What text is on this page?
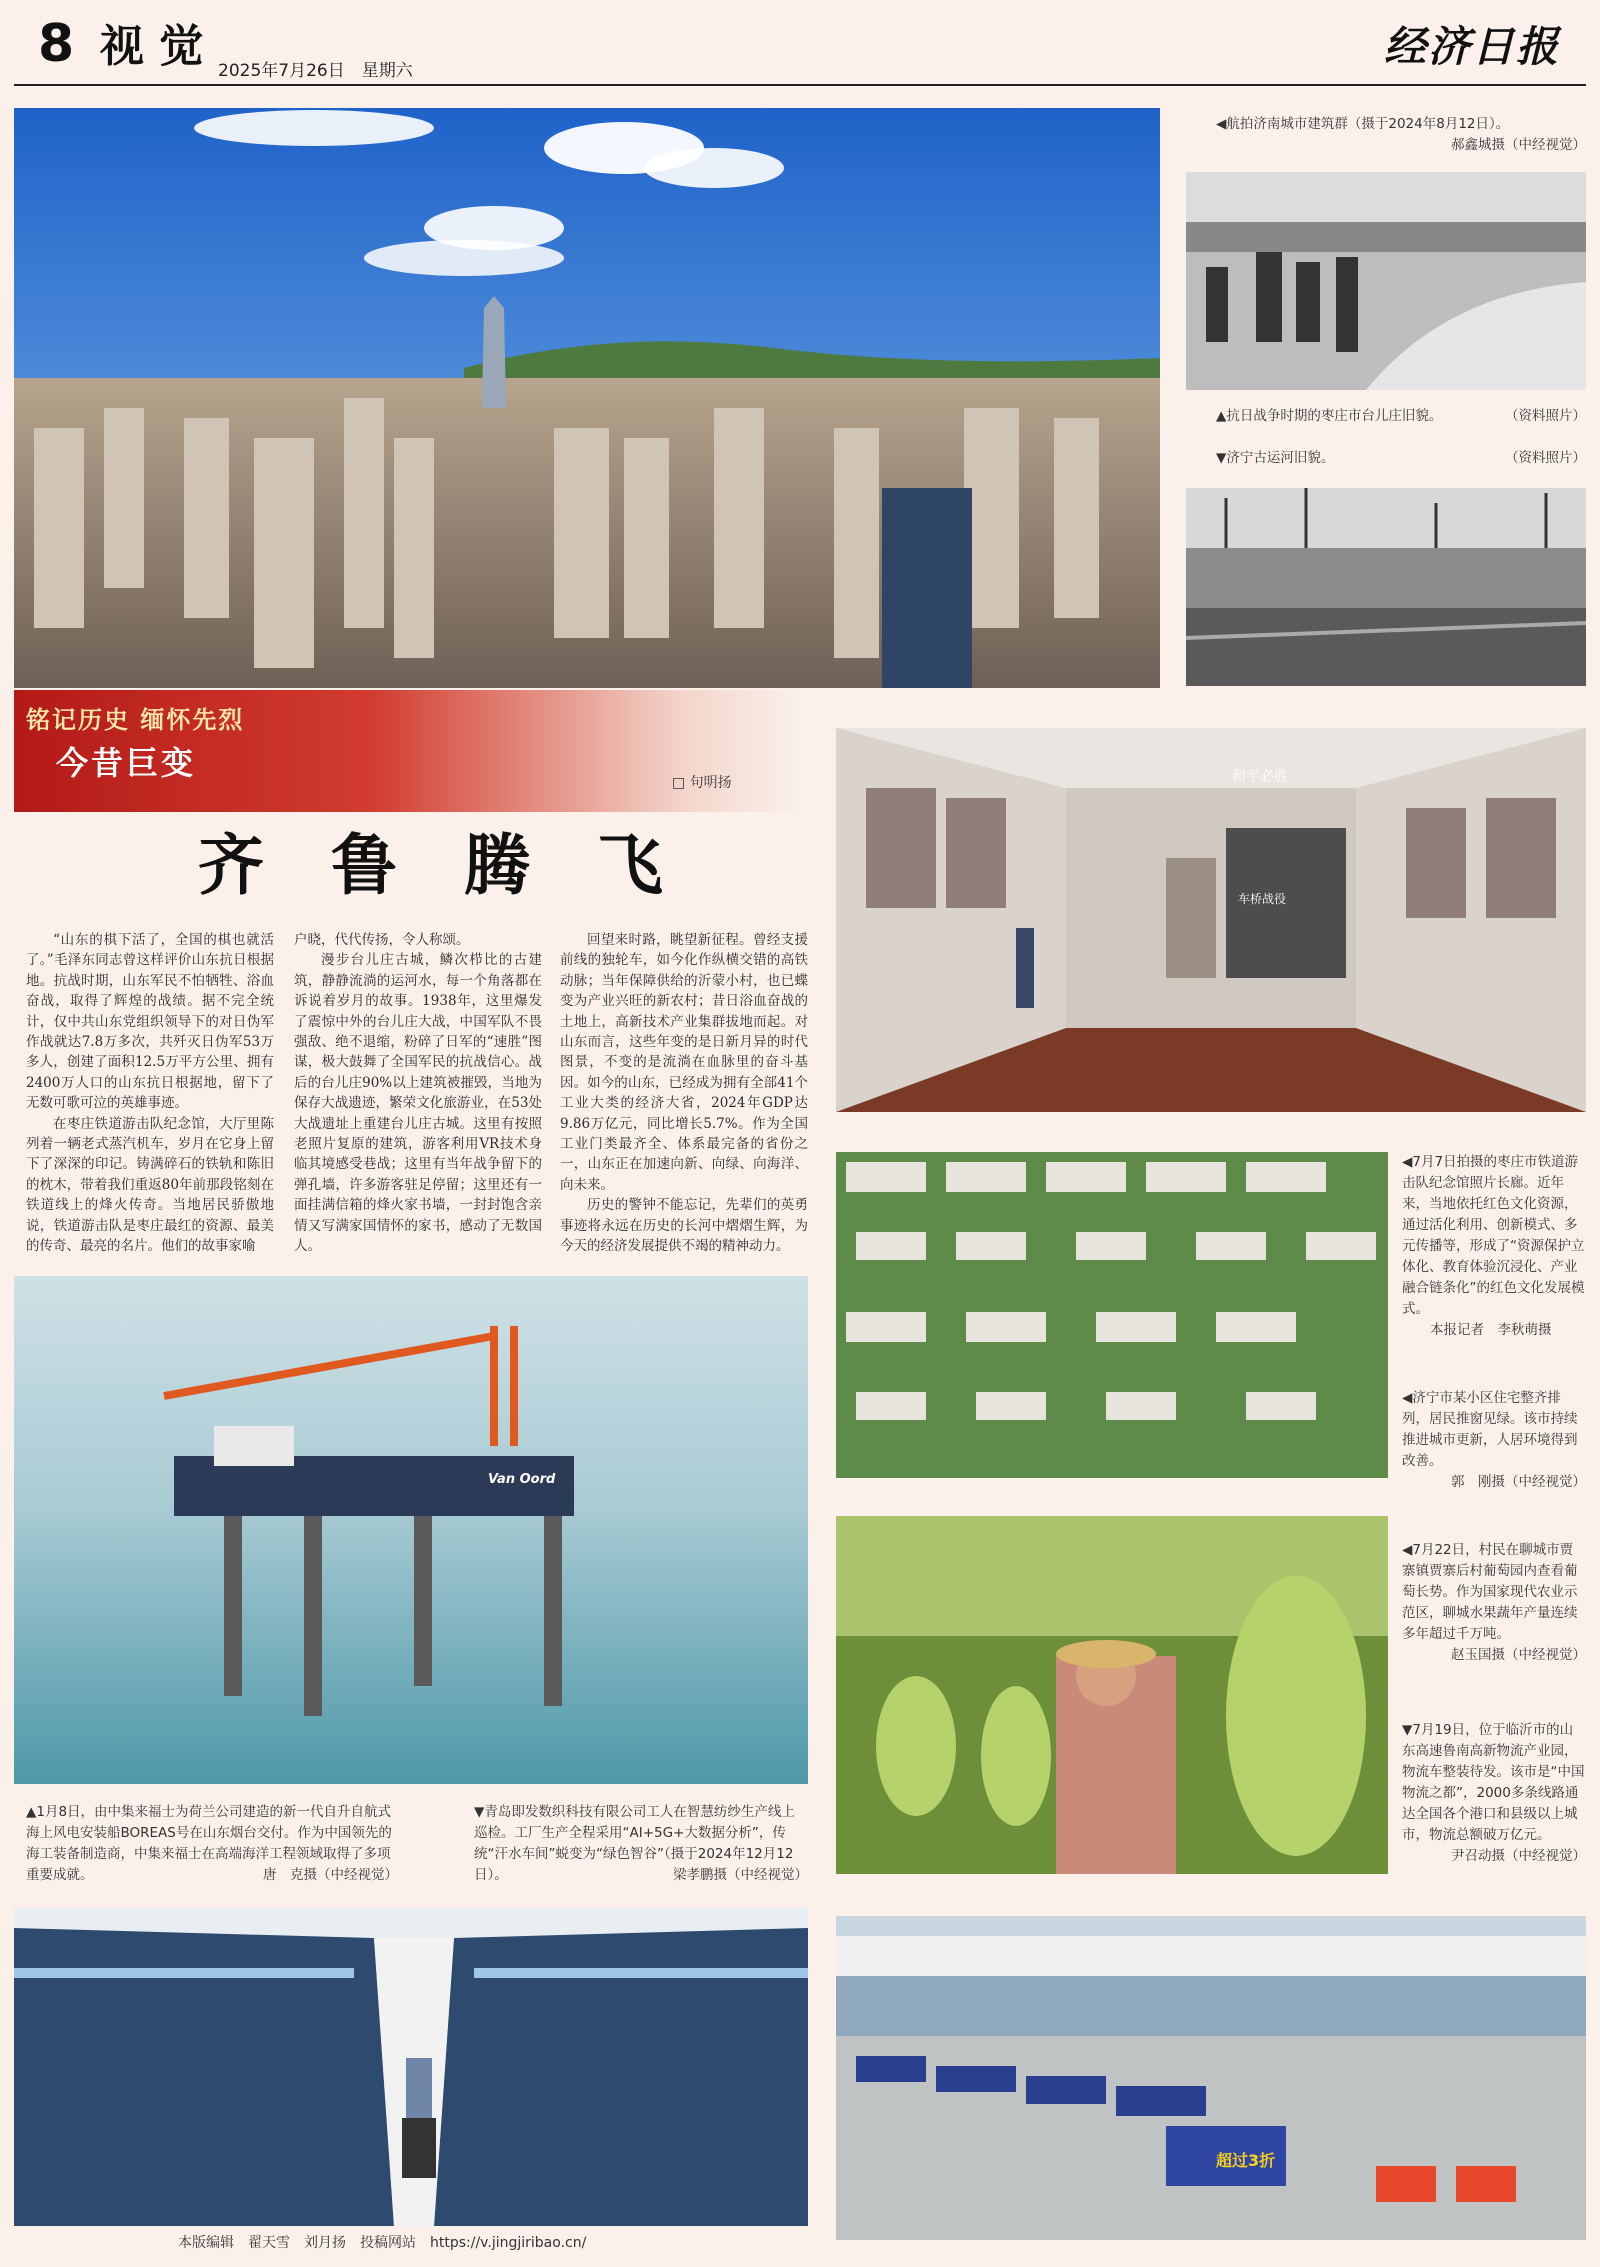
8 视 觉 2025年7月26日　 星期六	经济日报
◀航拍济南城市建筑群（摄于2024年8月12日）。
郝鑫城摄（中经视觉）
▲抗日战争时期的枣庄市台儿庄旧貌。	（资料照片）
▼济宁古运河旧貌。	（资料照片）
铭记历史 缅怀先烈
今昔巨变
□ 句明扬
齐 鲁 腾 飞

“山东的棋下活了，全国的棋也就活了。”毛泽东同志曾这样评价山东抗日根据地。抗战时期，山东军民不怕牺牲、浴血奋战，取得了辉煌的战绩。据不完全统计，仅中共山东党组织领导下的对日伪军作战就达7.8万多次，共歼灭日伪军53万多人，创建了面积12.5万平方公里、拥有2400万人口的山东抗日根据地，留下了无数可歌可泣的英雄事迹。

在枣庄铁道游击队纪念馆，大厅里陈列着一辆老式蒸汽机车，岁月在它身上留下了深深的印记。铸满碎石的铁轨和陈旧的枕木，带着我们重返80年前那段铭刻在铁道线上的烽火传奇。当地居民骄傲地说，铁道游击队是枣庄最红的资源、最美的传奇、最亮的名片。他们的故事家喻

户晓，代代传扬，令人称颂。

漫步台儿庄古城，鳞次栉比的古建筑，静静流淌的运河水，每一个角落都在诉说着岁月的故事。1938年，这里爆发了震惊中外的台儿庄大战，中国军队不畏强敌、绝不退缩，粉碎了日军的“速胜”图谋，极大鼓舞了全国军民的抗战信心。战后的台儿庄90%以上建筑被摧毁，当地为保存大战遗迹，繁荣文化旅游业，在53处大战遗址上重建台儿庄古城。这里有按照老照片复原的建筑，游客利用VR技术身临其境感受巷战；这里有当年战争留下的弹孔墙，许多游客驻足停留；这里还有一面挂满信箱的烽火家书墙，一封封饱含亲情又写满家国情怀的家书，感动了无数国人。

回望来时路，眺望新征程。曾经支援前线的独轮车，如今化作纵横交错的高铁动脉；当年保障供给的沂蒙小村，也已蝶变为产业兴旺的新农村；昔日浴血奋战的土地上，高新技术产业集群拔地而起。对山东而言，这些年变的是日新月异的时代图景，不变的是流淌在血脉里的奋斗基因。如今的山东，已经成为拥有全部41个工业大类的经济大省，2024年GDP达9.86万亿元，同比增长5.7%。作为全国工业门类最齐全、体系最完备的省份之一，山东正在加速向新、向绿、向海洋、向未来。

历史的警钟不能忘记，先辈们的英勇事迹将永远在历史的长河中熠熠生辉，为今天的经济发展提供不竭的精神动力。

和平必胜
车桥战役
◀7月7日拍摄的枣庄市铁道游击队纪念馆照片长廊。近年来，当地依托红色文化资源，通过活化利用、创新模式、多元传播等，形成了“资源保护立体化、教育体验沉浸化、产业融合链条化”的红色文化发展模式。
本报记者　李秋萌摄
◀济宁市某小区住宅整齐排列，居民推窗见绿。该市持续推进城市更新，人居环境得到改善。
郭　刚摄（中经视觉）
Van Oord
◀7月22日，村民在聊城市贾寨镇贾寨后村葡萄园内查看葡萄长势。作为国家现代农业示范区，聊城水果蔬年产量连续多年超过千万吨。
赵玉国摄（中经视觉）
▼7月19日，位于临沂市的山东高速鲁南高新物流产业园，物流车整装待发。该市是“中国物流之都”，2000多条线路通达全国各个港口和县级以上城市，物流总额破万亿元。
尹召动摄（中经视觉）
▲1月8日，由中集来福士为荷兰公司建造的新一代自升自航式海上风电安装船BOREAS号在山东烟台交付。作为中国领先的海工装备制造商，中集来福士在高端海洋工程领域取得了多项重要成就。	唐　克摄（中经视觉）
▼青岛即发数织科技有限公司工人在智慧纺纱生产线上巡检。工厂生产全程采用“AI+5G+大数据分析”，传统“汗水车间”蜕变为“绿色智谷”（摄于2024年12月12日）。	梁孝鹏摄（中经视觉）
超过3折
本版编辑　翟天雪　刘月扬　投稿网站　https://v.jingjiribao.cn/
